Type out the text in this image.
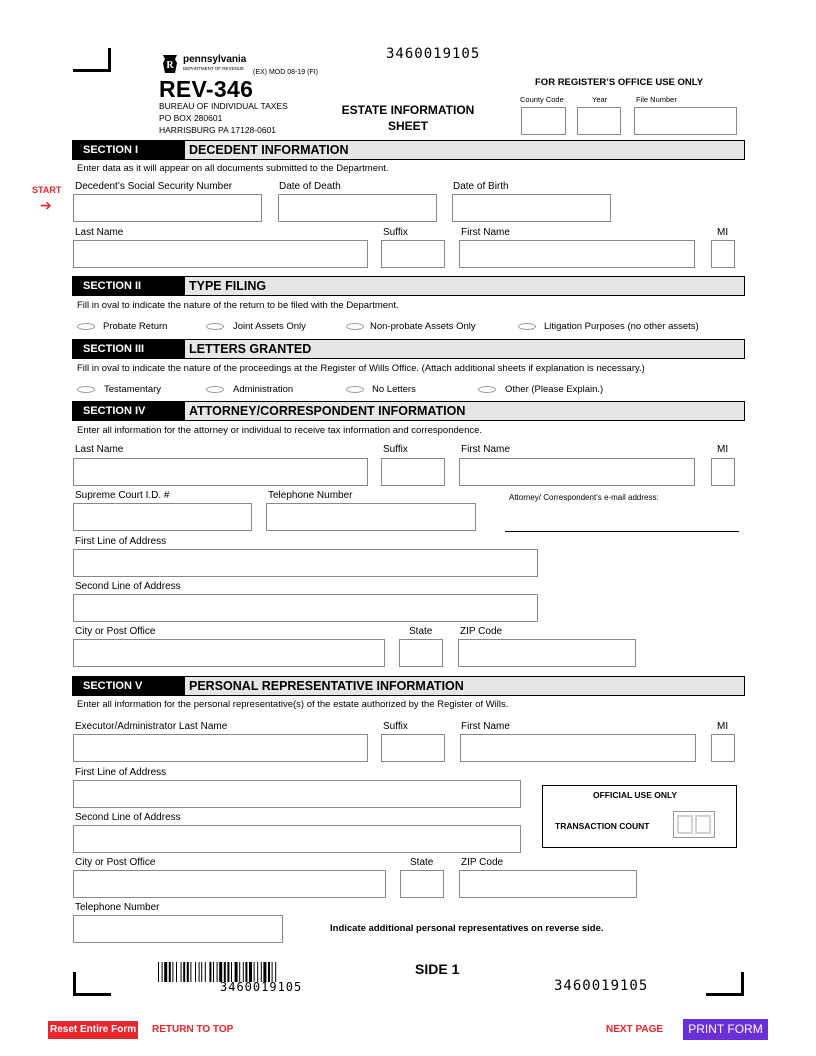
3460019105
R
pennsylvania
DEPARTMENT OF REVENUE
(EX) MOD 08-19 (FI)
REV-346
BUREAU OF INDIVIDUAL TAXES
PO BOX 280601
HARRISBURG PA 17128-0601
ESTATE INFORMATION
SHEET
FOR REGISTER’S OFFICE USE ONLY
County Code	Year	File Number
SECTION I	DECEDENT INFORMATION
Enter data as it will appear on all documents submitted to the Department.
START
➔
Decedent’s Social Security Number	Date of Death	Date of Birth
Last Name	Suffix	First Name	MI
SECTION II	TYPE FILING
Fill in oval to indicate the nature of the return to be filed with the Department.
Probate Return	Joint Assets Only	Non-probate Assets Only	Litigation Purposes (no other assets)
SECTION III	LETTERS GRANTED
Fill in oval to indicate the nature of the proceedings at the Register of Wills Office. (Attach additional sheets if explanation is necessary.)
Testamentary	Administration	No Letters	Other (Please Explain.)
SECTION IV	ATTORNEY/CORRESPONDENT INFORMATION
Enter all information for the attorney or individual to receive tax information and correspondence.
Last Name	Suffix	First Name	MI
Supreme Court I.D. #	Telephone Number	Attorney/ Correspondent’s e-mail address:
First Line of Address
Second Line of Address
City or Post Office	State	ZIP Code
SECTION V	PERSONAL REPRESENTATIVE INFORMATION
Enter all information for the personal representative(s) of the estate authorized by the Register of Wills.
Executor/Administrator Last Name	Suffix	First Name	MI
First Line of Address
Second Line of Address
OFFICIAL USE ONLY
TRANSACTION COUNT
City or Post Office	State	ZIP Code
Telephone Number
Indicate additional personal representatives on reverse side.
3460019105
SIDE 1
3460019105
Reset Entire Form RETURN TO TOP	NEXT PAGE	PRINT FORM
